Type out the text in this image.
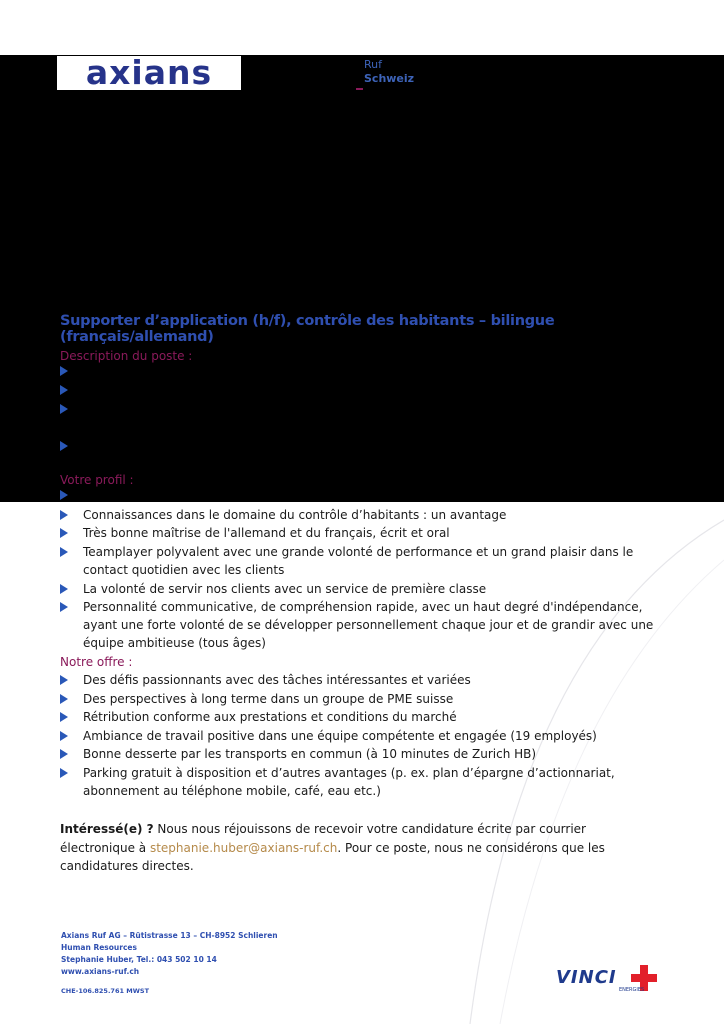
axians	Ruf
Schweiz
Supporter d’application (h/f), contrôle des habitants – bilingue (français/allemand)
Description du poste :
Votre profil :
Connaissances dans le domaine du contrôle d’habitants : un avantage
Très bonne maîtrise de l'allemand et du français, écrit et oral
Teamplayer polyvalent avec une grande volonté de performance et un grand plaisir dans le contact quotidien avec les clients
La volonté de servir nos clients avec un service de première classe
Personnalité communicative, de compréhension rapide, avec un haut degré d'indépendance, ayant une forte volonté de se développer personnellement chaque jour et de grandir avec une équipe ambitieuse (tous âges)
Notre offre :
Des défis passionnants avec des tâches intéressantes et variées
Des perspectives à long terme dans un groupe de PME suisse
Rétribution conforme aux prestations et conditions du marché
Ambiance de travail positive dans une équipe compétente et engagée (19 employés)
Bonne desserte par les transports en commun (à 10 minutes de Zurich HB)
Parking gratuit à disposition et d’autres avantages (p. ex. plan d’épargne d’actionnariat, abonnement au téléphone mobile, café, eau etc.)
Intéressé(e) ? Nous nous réjouissons de recevoir votre candidature écrite par courrier électronique à stephanie.huber@axians-ruf.ch. Pour ce poste, nous ne considérons que les candidatures directes.
Axians Ruf AG – Rütistrasse 13 – CH-8952 Schlieren
Human Resources
Stephanie Huber, Tel.: 043 502 10 14
www.axians-ruf.ch
CHE-106.825.761 MWST
VINCI
ENERGIES
